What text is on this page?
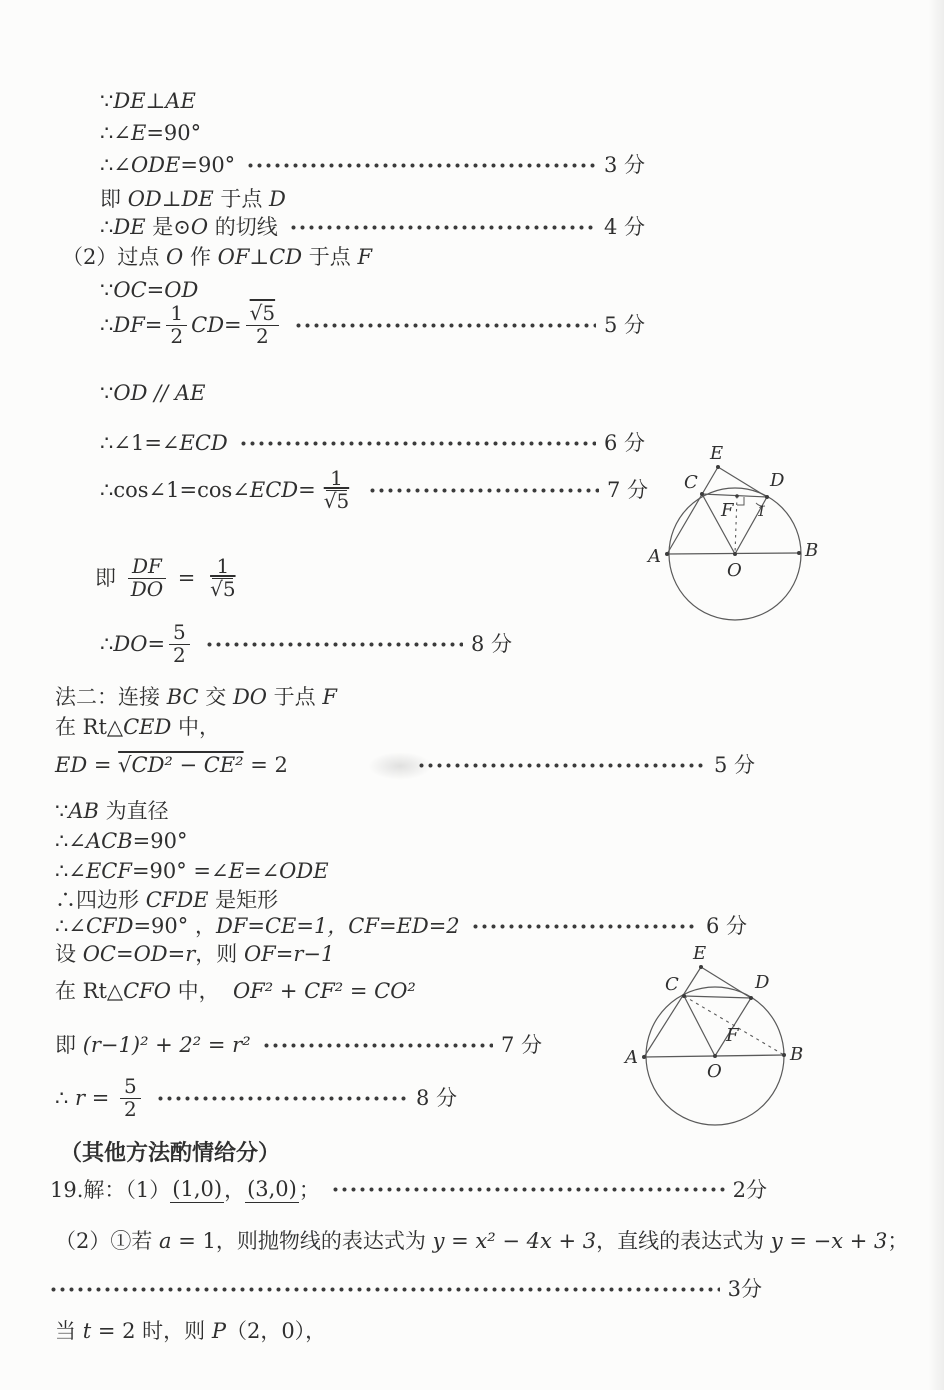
∵ DE⊥AE
∴∠ E =90°
∴∠ ODE =90°	3 分
即 OD⊥DE 于点 D
∴ DE 是⊙ O 的切线	4 分
（2）过点 O 作 OF⊥CD 于点 F
∵ OC=OD
∴ $DF= \frac{1}{2} CD= \frac{√5}{2}$	5 分
∵ OD // AE
∴∠1=∠ ECD	6 分
∴cos∠1=cos∠ ECD = $\frac{1}{√5}$	7 分
即 $\frac{DF}{DO} = \frac{1}{√5}$
∴ DO = $\frac{5}{2}$	8 分
法二：连接 BC 交 DO 于点 F
在 Rt△ CED 中，
ED = √CD² − CE² = 2	5 分
∵ AB 为直径
∴∠ ACB =90°
∴∠ ECF =90° =∠ E =∠ ODE
∴四边形 CFDE 是矩形
∴∠ CFD =90° ， DF=CE=1，CF=ED=2	6 分
设 OC=OD=r ，则 OF=r−1
在 Rt△ CFO 中， OF² + CF² = CO²
即 (r−1)² + 2² = r²	7 分
∴ $r = \frac{5}{2}$	8 分
（其他方法酌情给分）
19.解：（1） (1,0) ， (3,0) ；	2分
（2）①若 a = 1 ，则抛物线的表达式为 y = x² − 4x + 3 ，直线的表达式为 y = −x + 3 ；
3分
当 t = 2 时，则 P （2，0），
E
C	D
F
A	B
O
1
E
C	D
F
A	B
O
